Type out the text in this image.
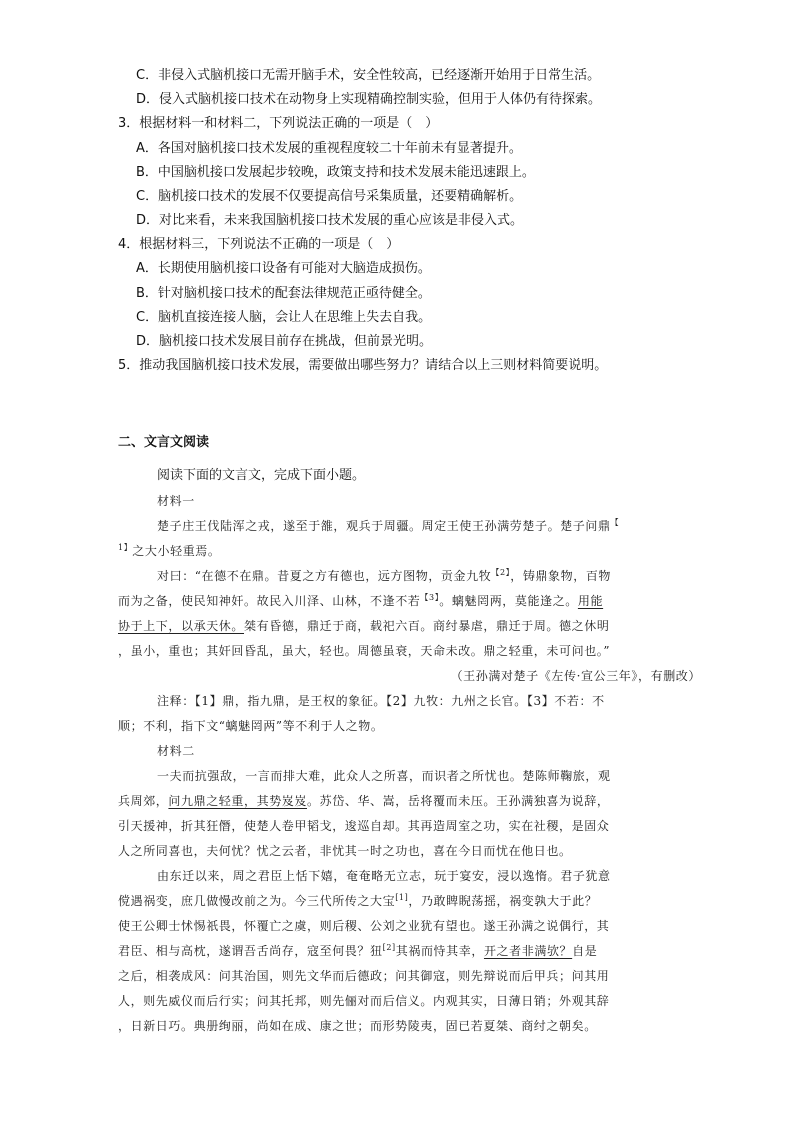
C．非侵入式脑机接口无需开脑手术，安全性较高，已经逐渐开始用于日常生活。
D．侵入式脑机接口技术在动物身上实现精确控制实验，但用于人体仍有待探索。
3．根据材料一和材料二，下列说法正确的一项是（　）
A．各国对脑机接口技术发展的重视程度较二十年前未有显著提升。
B．中国脑机接口发展起步较晚，政策支持和技术发展未能迅速跟上。
C．脑机接口技术的发展不仅要提高信号采集质量，还要精确解析。
D．对比来看，未来我国脑机接口技术发展的重心应该是非侵入式。
4．根据材料三，下列说法不正确的一项是（　）
A．长期使用脑机接口设备有可能对大脑造成损伤。
B．针对脑机接口技术的配套法律规范正亟待健全。
C．脑机直接连接人脑，会让人在思维上失去自我。
D．脑机接口技术发展目前存在挑战，但前景光明。
5．推动我国脑机接口技术发展，需要做出哪些努力？请结合以上三则材料简要说明。
二、文言文阅读
阅读下面的文言文，完成下面小题。
材料一
楚子庄王伐陆浑之戎，遂至于雒，观兵于周疆。周定王使王孙满劳楚子。楚子问鼎【
$^{1】}$之大小轻重焉。
对曰：“在德不在鼎。昔夏之方有德也，远方图物，贡金九牧$^{【2】}$，铸鼎象物，百物
而为之备，使民知神奸。故民入川泽、山林，不逢不若$^{【3】}$。螭魅罔两，莫能逢之。用能
协于上下，以承天休。桀有昏德，鼎迁于商，载祀六百。商纣暴虐，鼎迁于周。德之休明
，虽小，重也；其奸回昏乱，虽大，轻也。周德虽衰，天命未改。鼎之轻重，未可问也。”
（王孙满对楚子《左传·宣公三年》，有删改）
注释：【1】鼎，指九鼎，是王权的象征。【2】九牧：九州之长官。【3】不若：不
顺；不利，指下文“螭魅罔两”等不利于人之物。
材料二
一夫而抗强敌，一言而排大难，此众人之所喜，而识者之所忧也。楚陈师鞠旅，观
兵周郊，问九鼎之轻重，其势岌岌。苏岱、华、嵩，岳将覆而未压。王孙满独喜为说辞，
引天援神，折其狂僭，使楚人卷甲韬戈，逡巡自却。其再造周室之功，实在社稷，是固众
人之所同喜也，夫何忧？忧之云者，非忧其一时之功也，喜在今日而忧在他日也。
由东迁以来，周之君臣上恬下嬉，奄奄略无立志，玩于宴安，浸以逸惰。君子犹意
傥遇祸变，庶几做慢改前之为。今三代所传之大宝[1]，乃敢睥睨荡摇，祸变孰大于此？
使王公卿士怵惕祇畏，怀覆亡之虞，则后稷、公刘之业犹有望也。遂王孙满之说偶行，其
君臣、相与高枕，遂谓吾舌尚存，寇至何畏？狃[2]其祸而恃其幸，开之者非满欤？自是
之后，相袭成风：问其治国，则先文华而后德政；问其御寇，则先辩说而后甲兵；问其用
人，则先威仪而后行实；问其托邦，则先俪对而后信义。内观其实，日薄日销；外观其辞
，日新日巧。典册绚丽，尚如在成、康之世；而形势陵夷，固已若夏桀、商纣之朝矣。
